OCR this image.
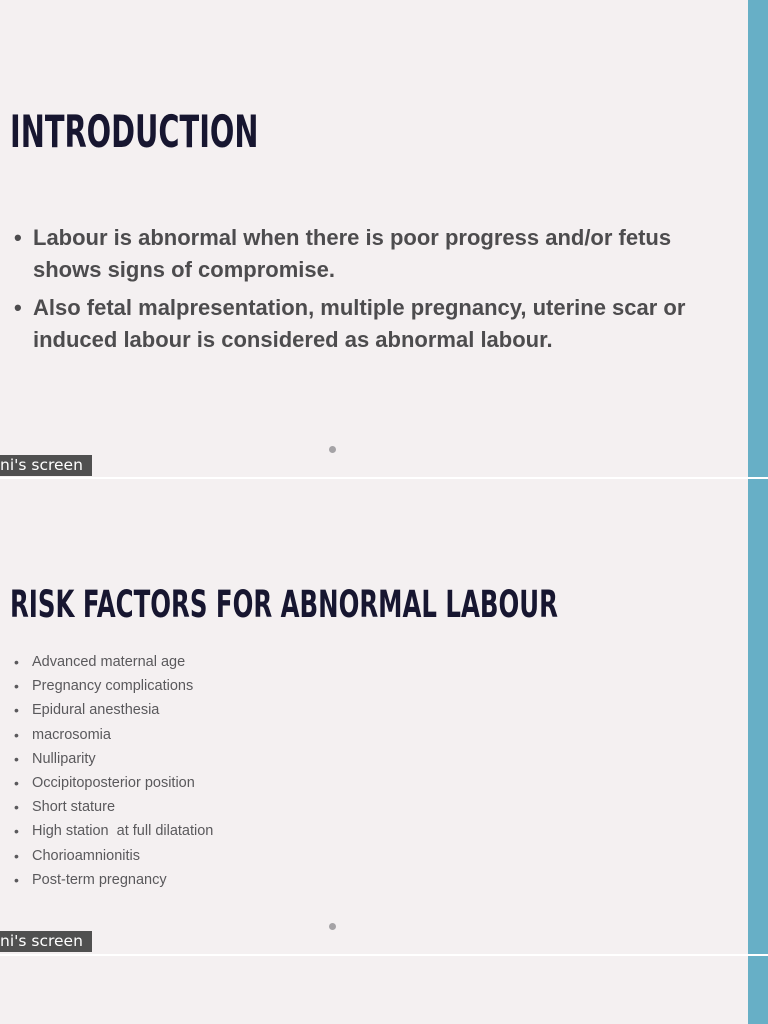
INTRODUCTION
• Labour is abnormal when there is poor progress and/or fetus shows signs of compromise.
• Also fetal malpresentation, multiple pregnancy, uterine scar or induced labour is considered as abnormal labour.
ni's screen
RISK FACTORS FOR ABNORMAL LABOUR
• Advanced maternal age
• Pregnancy complications
• Epidural anesthesia
• macrosomia
• Nulliparity
• Occipitoposterior position
• Short stature
• High station  at full dilatation
• Chorioamnionitis
• Post-term pregnancy
ni's screen
